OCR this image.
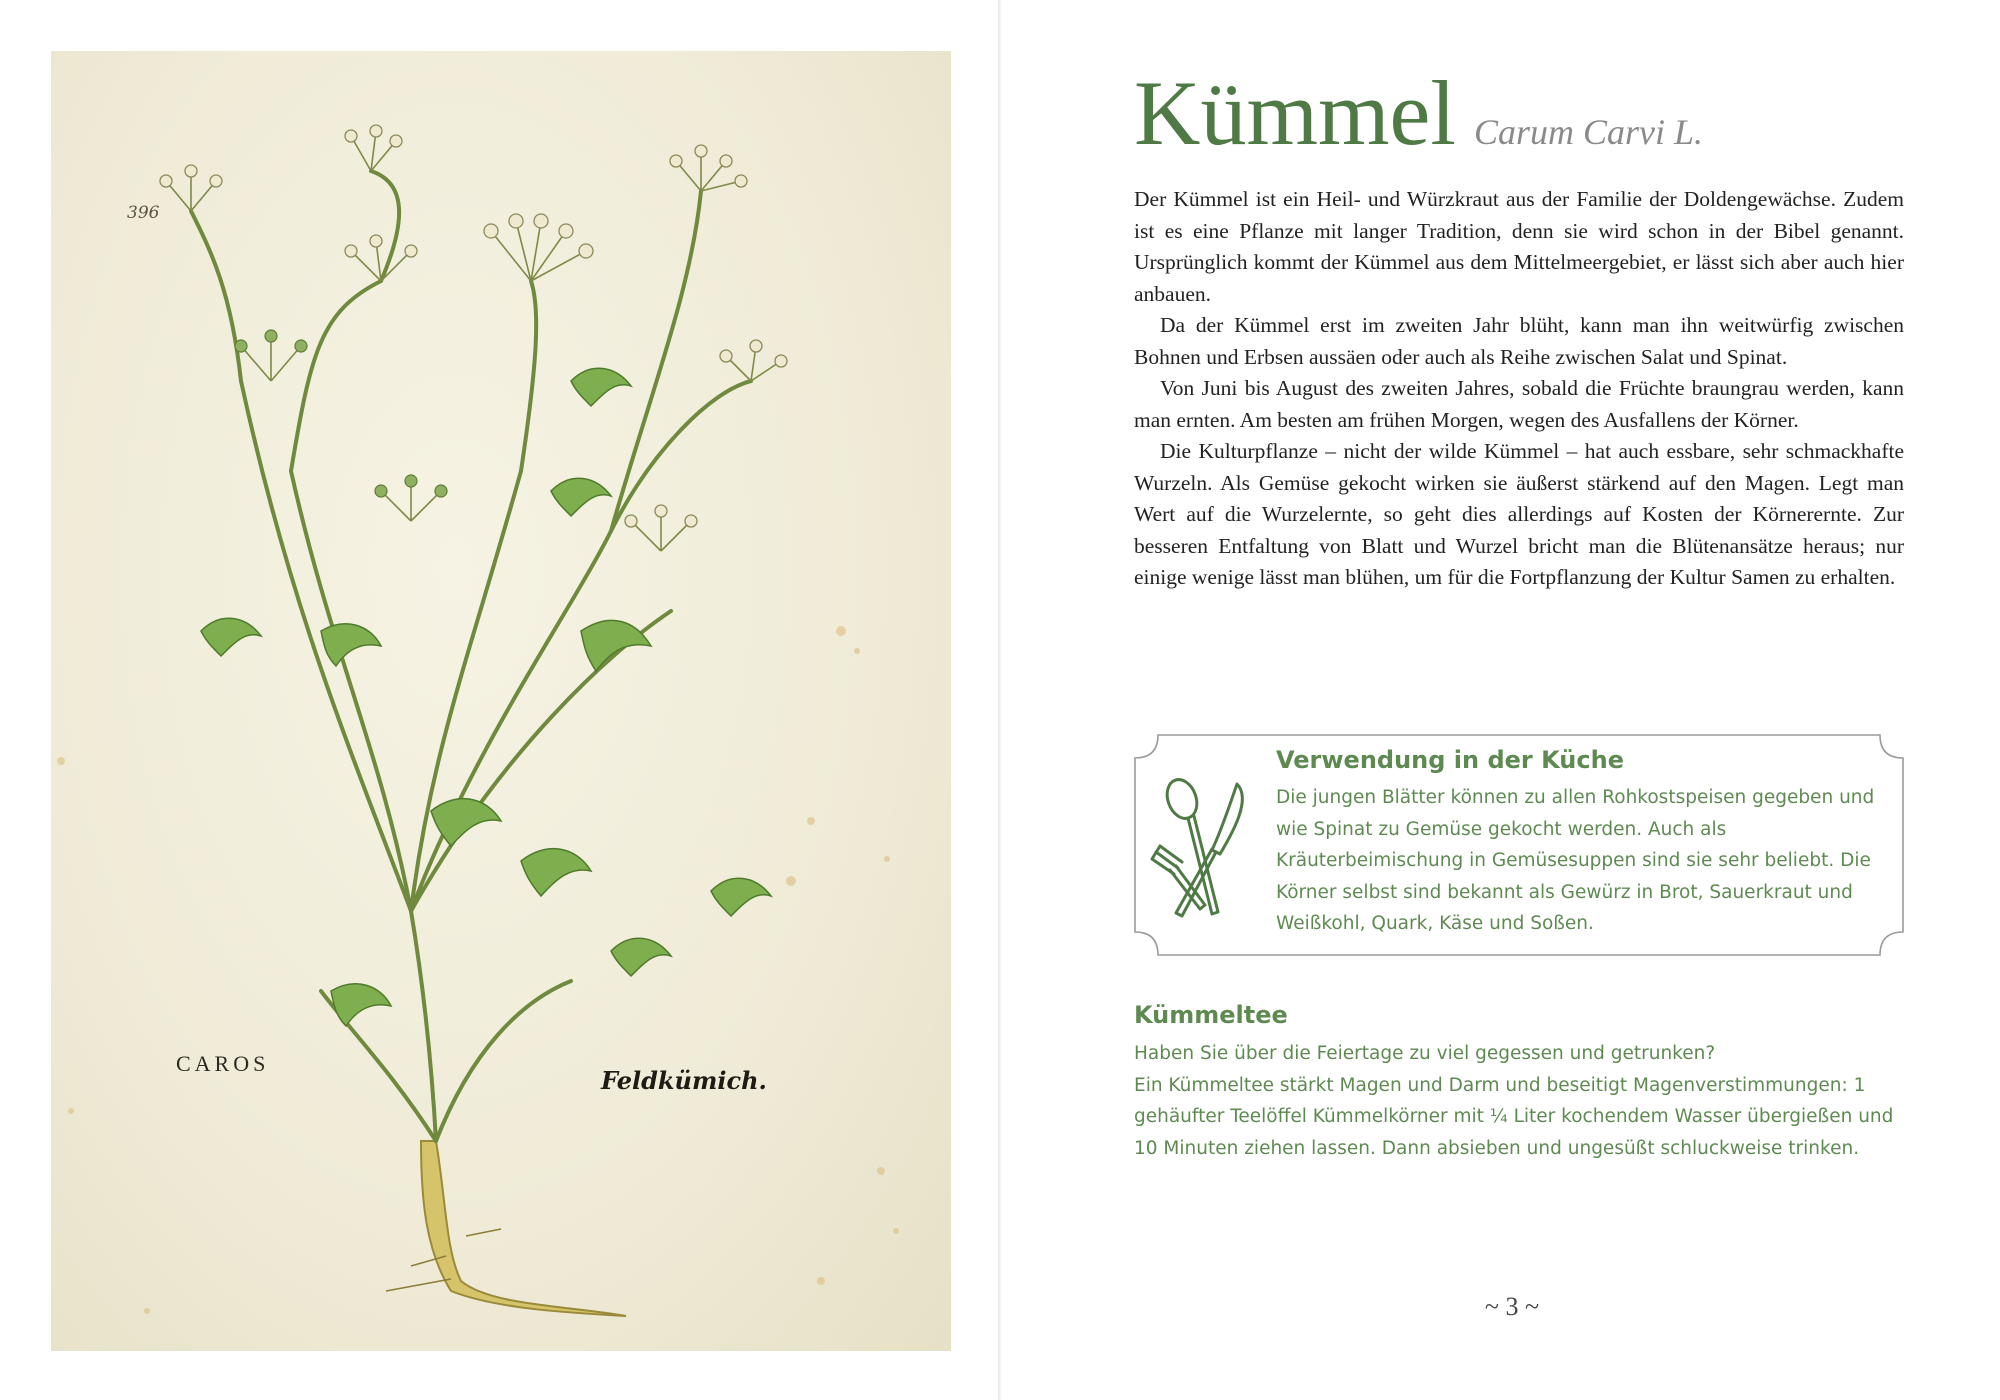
396
CAROS
Feldkümich.
Kümmel Carum Carvi L.

Der Kümmel ist ein Heil- und Würzkraut aus der Familie der Doldengewächse. Zudem ist es eine Pflanze mit langer Tradition, denn sie wird schon in der Bibel genannt. Ursprünglich kommt der Kümmel aus dem Mittelmeergebiet, er lässt sich aber auch hier anbauen.

Da der Kümmel erst im zweiten Jahr blüht, kann man ihn weitwürfig zwischen Bohnen und Erbsen aussäen oder auch als Reihe zwischen Salat und Spinat.

Von Juni bis August des zweiten Jahres, sobald die Früchte braungrau werden, kann man ernten. Am besten am frühen Morgen, wegen des Ausfallens der Körner.

Die Kulturpflanze – nicht der wilde Kümmel – hat auch essbare, sehr schmackhafte Wurzeln. Als Gemüse gekocht wirken sie äußerst stärkend auf den Magen. Legt man Wert auf die Wurzelernte, so geht dies allerdings auf Kosten der Körnerernte. Zur besseren Entfaltung von Blatt und Wurzel bricht man die Blütenansätze heraus; nur einige wenige lässt man blühen, um für die Fortpflanzung der Kultur Samen zu erhalten.

Verwendung in der Küche
Die jungen Blätter können zu allen Rohkostspeisen gegeben und wie Spinat zu Gemüse gekocht werden. Auch als Kräuterbeimischung in Gemüsesuppen sind sie sehr beliebt. Die Körner selbst sind bekannt als Gewürz in Brot, Sauerkraut und Weißkohl, Quark, Käse und Soßen.
Kümmeltee
Haben Sie über die Feiertage zu viel gegessen und getrunken?
Ein Kümmeltee stärkt Magen und Darm und beseitigt Magenverstimmungen: 1 gehäufter Teelöffel Kümmelkörner mit ¼ Liter kochendem Wasser übergießen und 10 Minuten ziehen lassen. Dann absieben und ungesüßt schluckweise trinken.
~ 3 ~
